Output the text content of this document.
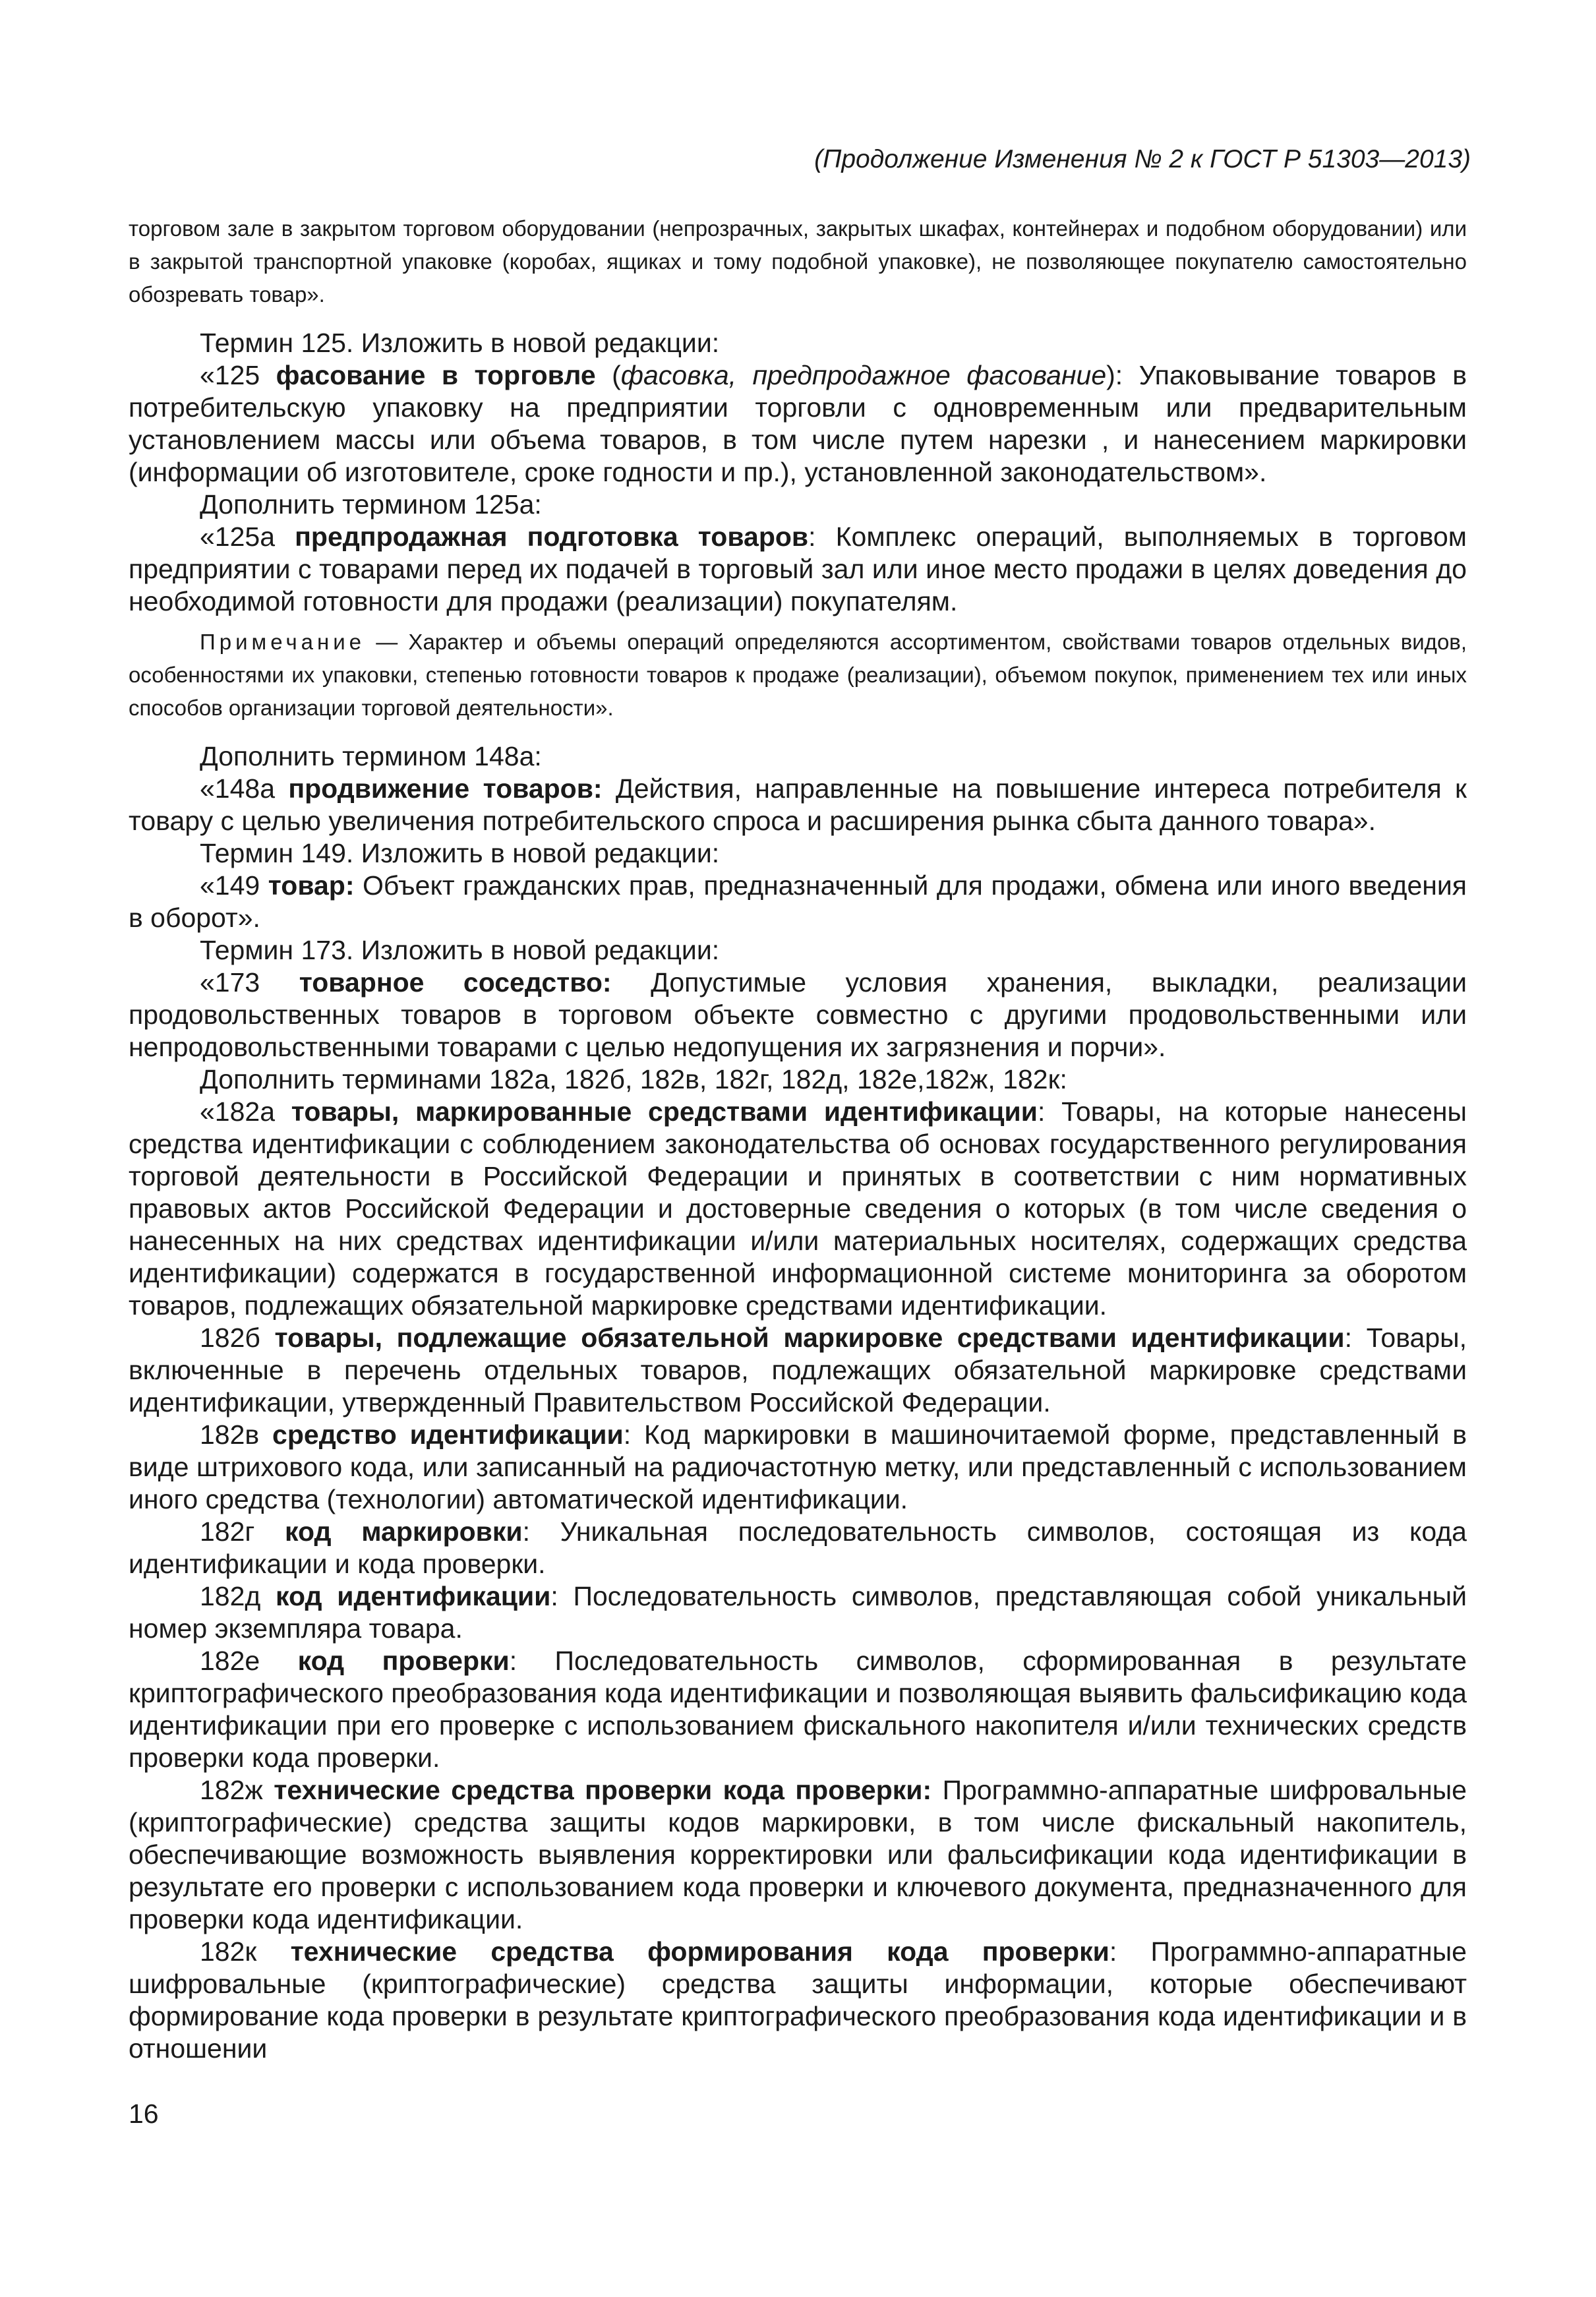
(Продолжение Изменения № 2 к ГОСТ Р 51303—2013)

торговом зале в закрытом торговом оборудовании (непрозрачных, закрытых шкафах, контейнерах и подобном оборудовании) или в закрытой транспортной упаковке (коробах, ящиках и тому подобной упаковке), не позволяющее покупателю самостоятельно обозревать товар».

Термин 125. Изложить в новой редакции:

«125 фасование в торговле (фасовка, предпродажное фасование): Упаковывание товаров в потребительскую упаковку на предприятии торговли с одновременным или предварительным установлением массы или объема товаров, в том числе путем нарезки , и нанесением маркировки (информации об изготовителе, сроке годности и пр.), установленной законодательством».

Дополнить термином 125а:

«125а предпродажная подготовка товаров: Комплекс операций, выполняемых в торговом предприятии с товарами перед их подачей в торговый зал или иное место продажи в целях доведения до необходимой готовности для продажи (реализации) покупателям.

Примечание — Характер и объемы операций определяются ассортиментом, свойствами товаров отдельных видов, особенностями их упаковки, степенью готовности товаров к продаже (реализации), объемом покупок, применением тех или иных способов организации торговой деятельности».

Дополнить термином 148а:

«148а продвижение товаров: Действия, направленные на повышение интереса потребителя к товару с целью увеличения потребительского спроса и расширения рынка сбыта данного товара».

Термин 149. Изложить в новой редакции:

«149 товар: Объект гражданских прав, предназначенный для продажи, обмена или иного введения в оборот».

Термин 173. Изложить в новой редакции:

«173 товарное соседство: Допустимые условия хранения, выкладки, реализации продовольственных товаров в торговом объекте совместно с другими продовольственными или непродовольственными товарами с целью недопущения их загрязнения и порчи».

Дополнить терминами 182а, 182б, 182в, 182г, 182д, 182е,182ж, 182к:

«182а товары, маркированные средствами идентификации: Товары, на которые нанесены средства идентификации с соблюдением законодательства об основах государственного регулирования торговой деятельности в Российской Федерации и принятых в соответствии с ним нормативных правовых актов Российской Федерации и достоверные сведения о которых (в том числе сведения о нанесенных на них средствах идентификации и/или материальных носителях, содержащих средства идентификации) содержатся в государственной информационной системе мониторинга за оборотом товаров, подлежащих обязательной маркировке средствами идентификации.

182б товары, подлежащие обязательной маркировке средствами идентификации: Товары, включенные в перечень отдельных товаров, подлежащих обязательной маркировке средствами идентификации, утвержденный Правительством Российской Федерации.

182в средство идентификации: Код маркировки в машиночитаемой форме, представленный в виде штрихового кода, или записанный на радиочастотную метку, или представленный с использованием иного средства (технологии) автоматической идентификации.

182г код маркировки: Уникальная последовательность символов, состоящая из кода идентификации и кода проверки.

182д код идентификации: Последовательность символов, представляющая собой уникальный номер экземпляра товара.

182е код проверки: Последовательность символов, сформированная в результате криптографического преобразования кода идентификации и позволяющая выявить фальсификацию кода идентификации при его проверке с использованием фискального накопителя и/или технических средств проверки кода проверки.

182ж технические средства проверки кода проверки: Программно-аппаратные шифровальные (криптографические) средства защиты кодов маркировки, в том числе фискальный накопитель, обеспечивающие возможность выявления корректировки или фальсификации кода идентификации в результате его проверки с использованием кода проверки и ключевого документа, предназначенного для проверки кода идентификации.

182к технические средства формирования кода проверки: Программно-аппаратные шифровальные (криптографические) средства защиты информации, которые обеспечивают формирование кода проверки в результате криптографического преобразования кода идентификации и в отношении

16
